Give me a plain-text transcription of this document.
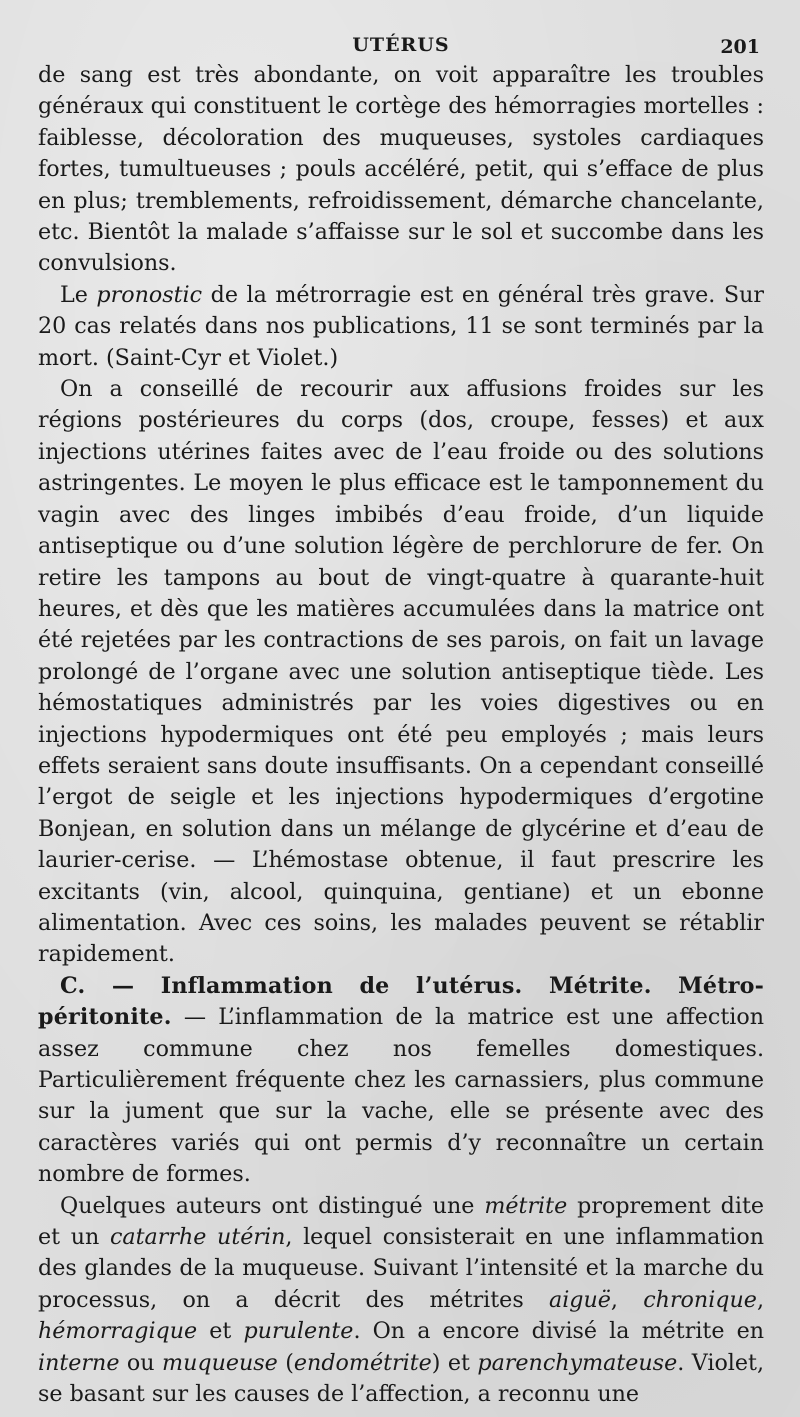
UTÉRUS	201

de sang est très abondante, on voit apparaître les troubles généraux qui constituent le cortège des hémorragies mortelles : faiblesse, décoloration des muqueuses, systoles cardiaques fortes, tumultueuses ; pouls accéléré, petit, qui s’efface de plus en plus; tremblements, refroidissement, démarche chancelante, etc. Bientôt la malade s’affaisse sur le sol et succombe dans les convulsions.

Le pronostic de la métrorragie est en général très grave. Sur 20 cas relatés dans nos publications, 11 se sont terminés par la mort. (Saint-Cyr et Violet.)

On a conseillé de recourir aux affusions froides sur les régions postérieures du corps (dos, croupe, fesses) et aux injections utérines faites avec de l’eau froide ou des solutions astringentes. Le moyen le plus efficace est le tamponnement du vagin avec des linges imbibés d’eau froide, d’un liquide antiseptique ou d’une solution légère de perchlorure de fer. On retire les tampons au bout de vingt-quatre à quarante-huit heures, et dès que les matières accumulées dans la matrice ont été rejetées par les contractions de ses parois, on fait un lavage prolongé de l’organe avec une solution antiseptique tiède. Les hémostatiques administrés par les voies digestives ou en injections hypodermiques ont été peu employés ; mais leurs effets seraient sans doute insuffisants. On a cependant conseillé l’ergot de seigle et les injections hypodermiques d’ergotine Bonjean, en solution dans un mélange de glycérine et d’eau de laurier-cerise. — L’hémostase obtenue, il faut prescrire les excitants (vin, alcool, quinquina, gentiane) et un ebonne alimentation. Avec ces soins, les malades peuvent se rétablir rapidement.

C. — Inflammation de l’utérus. Métrite. Métro-péritonite. — L’inflammation de la matrice est une affection assez commune chez nos femelles domestiques. Particulièrement fréquente chez les carnassiers, plus commune sur la jument que sur la vache, elle se présente avec des caractères variés qui ont permis d’y reconnaître un certain nombre de formes.

Quelques auteurs ont distingué une métrite proprement dite et un catarrhe utérin, lequel consisterait en une inflammation des glandes de la muqueuse. Suivant l’intensité et la marche du processus, on a décrit des métrites aiguë, chronique, hémorragique et purulente. On a encore divisé la métrite en interne ou muqueuse (endométrite) et parenchymateuse. Violet, se basant sur les causes de l’affection, a reconnu une
